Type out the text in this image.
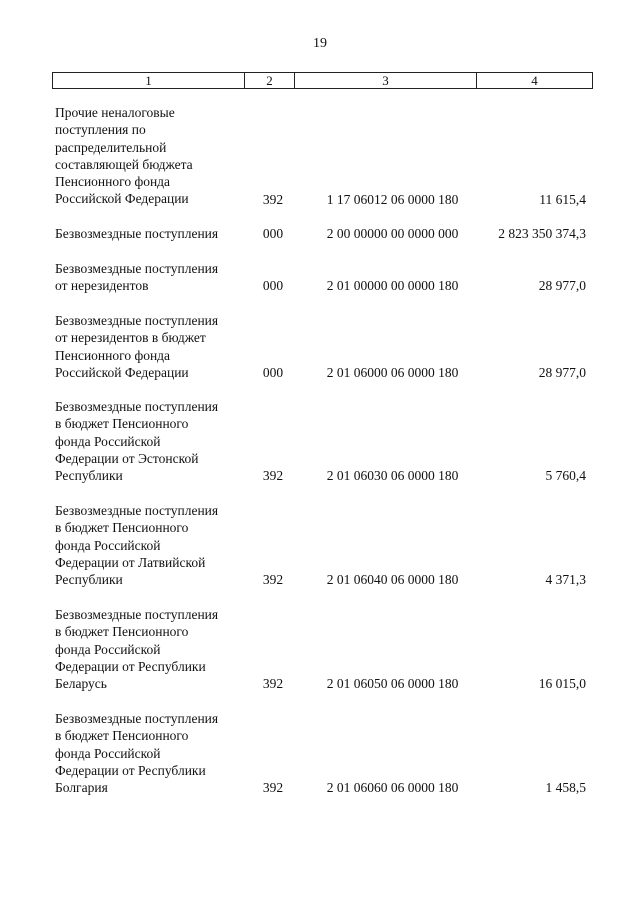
19
1	2	3	4
Прочие неналоговые
поступления по
распределительной
составляющей бюджета
Пенсионного фонда
Российской Федерации	392	1 17 06012 06 0000 180	11 615,4
Безвозмездные поступления	000	2 00 00000 00 0000 000	2 823 350 374,3
Безвозмездные поступления
от нерезидентов	000	2 01 00000 00 0000 180	28 977,0
Безвозмездные поступления
от нерезидентов в бюджет
Пенсионного фонда
Российской Федерации	000	2 01 06000 06 0000 180	28 977,0
Безвозмездные поступления
в бюджет Пенсионного
фонда Российской
Федерации от Эстонской
Республики	392	2 01 06030 06 0000 180	5 760,4
Безвозмездные поступления
в бюджет Пенсионного
фонда Российской
Федерации от Латвийской
Республики	392	2 01 06040 06 0000 180	4 371,3
Безвозмездные поступления
в бюджет Пенсионного
фонда Российской
Федерации от Республики
Беларусь	392	2 01 06050 06 0000 180	16 015,0
Безвозмездные поступления
в бюджет Пенсионного
фонда Российской
Федерации от Республики
Болгария	392	2 01 06060 06 0000 180	1 458,5
